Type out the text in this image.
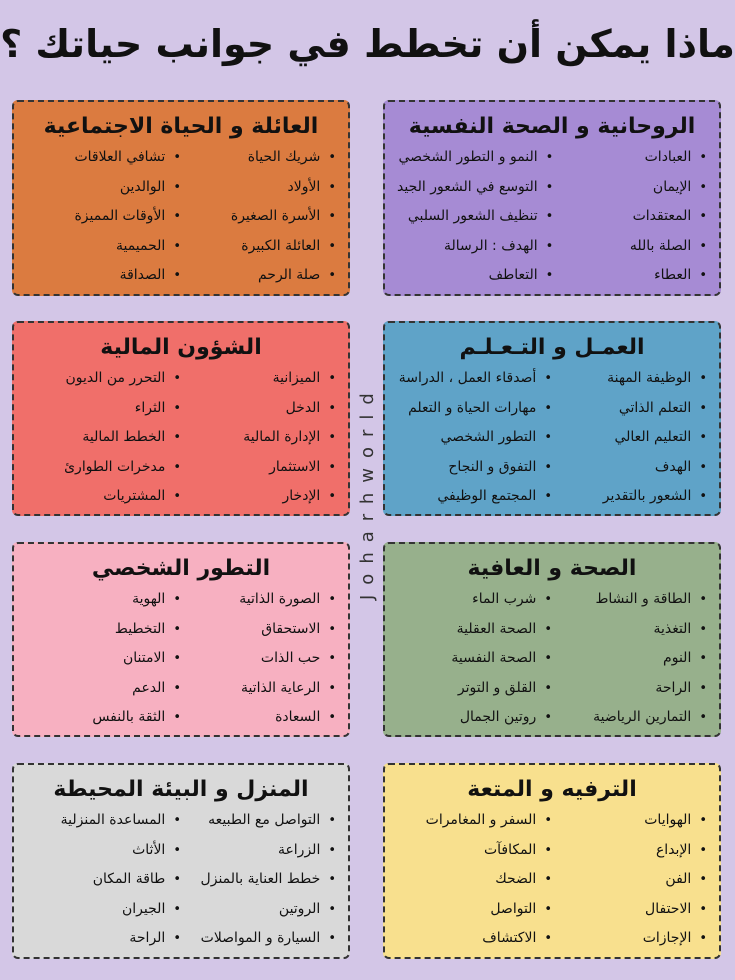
ماذا يمكن أن تخطط في جوانب حياتك ؟
Joharhworld
الروحانية و الصحة النفسية
• العبادات
• الإيمان
• المعتقدات
• الصلة بالله
• العطاء
• النمو و التطور الشخصي
• التوسع في الشعور الجيد
• تنظيف الشعور السلبي
• الهدف : الرسالة
• التعاطف
العائلة و الحياة الاجتماعية
• شريك الحياة
• الأولاد
• الأسرة الصغيرة
• العائلة الكبيرة
• صلة الرحم
• تشافي العلاقات
• الوالدين
• الأوقات المميزة
• الحميمية
• الصداقة
العمـل و التـعـلـم
• الوظيفة المهنة
• التعلم الذاتي
• التعليم العالي
• الهدف
• الشعور بالتقدير
• أصدقاء العمل ، الدراسة
• مهارات الحياة و التعلم
• التطور الشخصي
• التفوق و النجاح
• المجتمع الوظيفي
الشؤون المالية
• الميزانية
• الدخل
• الإدارة المالية
• الاستثمار
• الإدخار
• التحرر من الديون
• الثراء
• الخطط المالية
• مدخرات الطوارئ
• المشتريات
الصحة و العافية
• الطاقة و النشاط
• التغذية
• النوم
• الراحة
• التمارين الرياضية
• شرب الماء
• الصحة العقلية
• الصحة النفسية
• القلق و التوتر
• روتين الجمال
التطور الشخصي
• الصورة الذاتية
• الاستحقاق
• حب الذات
• الرعاية الذاتية
• السعادة
• الهوية
• التخطيط
• الامتنان
• الدعم
• الثقة بالنفس
الترفيه و المتعة
• الهوايات
• الإبداع
• الفن
• الاحتفال
• الإجازات
• السفر و المغامرات
• المكافآت
• الضحك
• التواصل
• الاكتشاف
المنزل و البيئة المحيطة
• التواصل مع الطبيعه
• الزراعة
• خطط العناية بالمنزل
• الروتين
• السيارة و المواصلات
• المساعدة المنزلية
• الأثاث
• طاقة المكان
• الجيران
• الراحة
